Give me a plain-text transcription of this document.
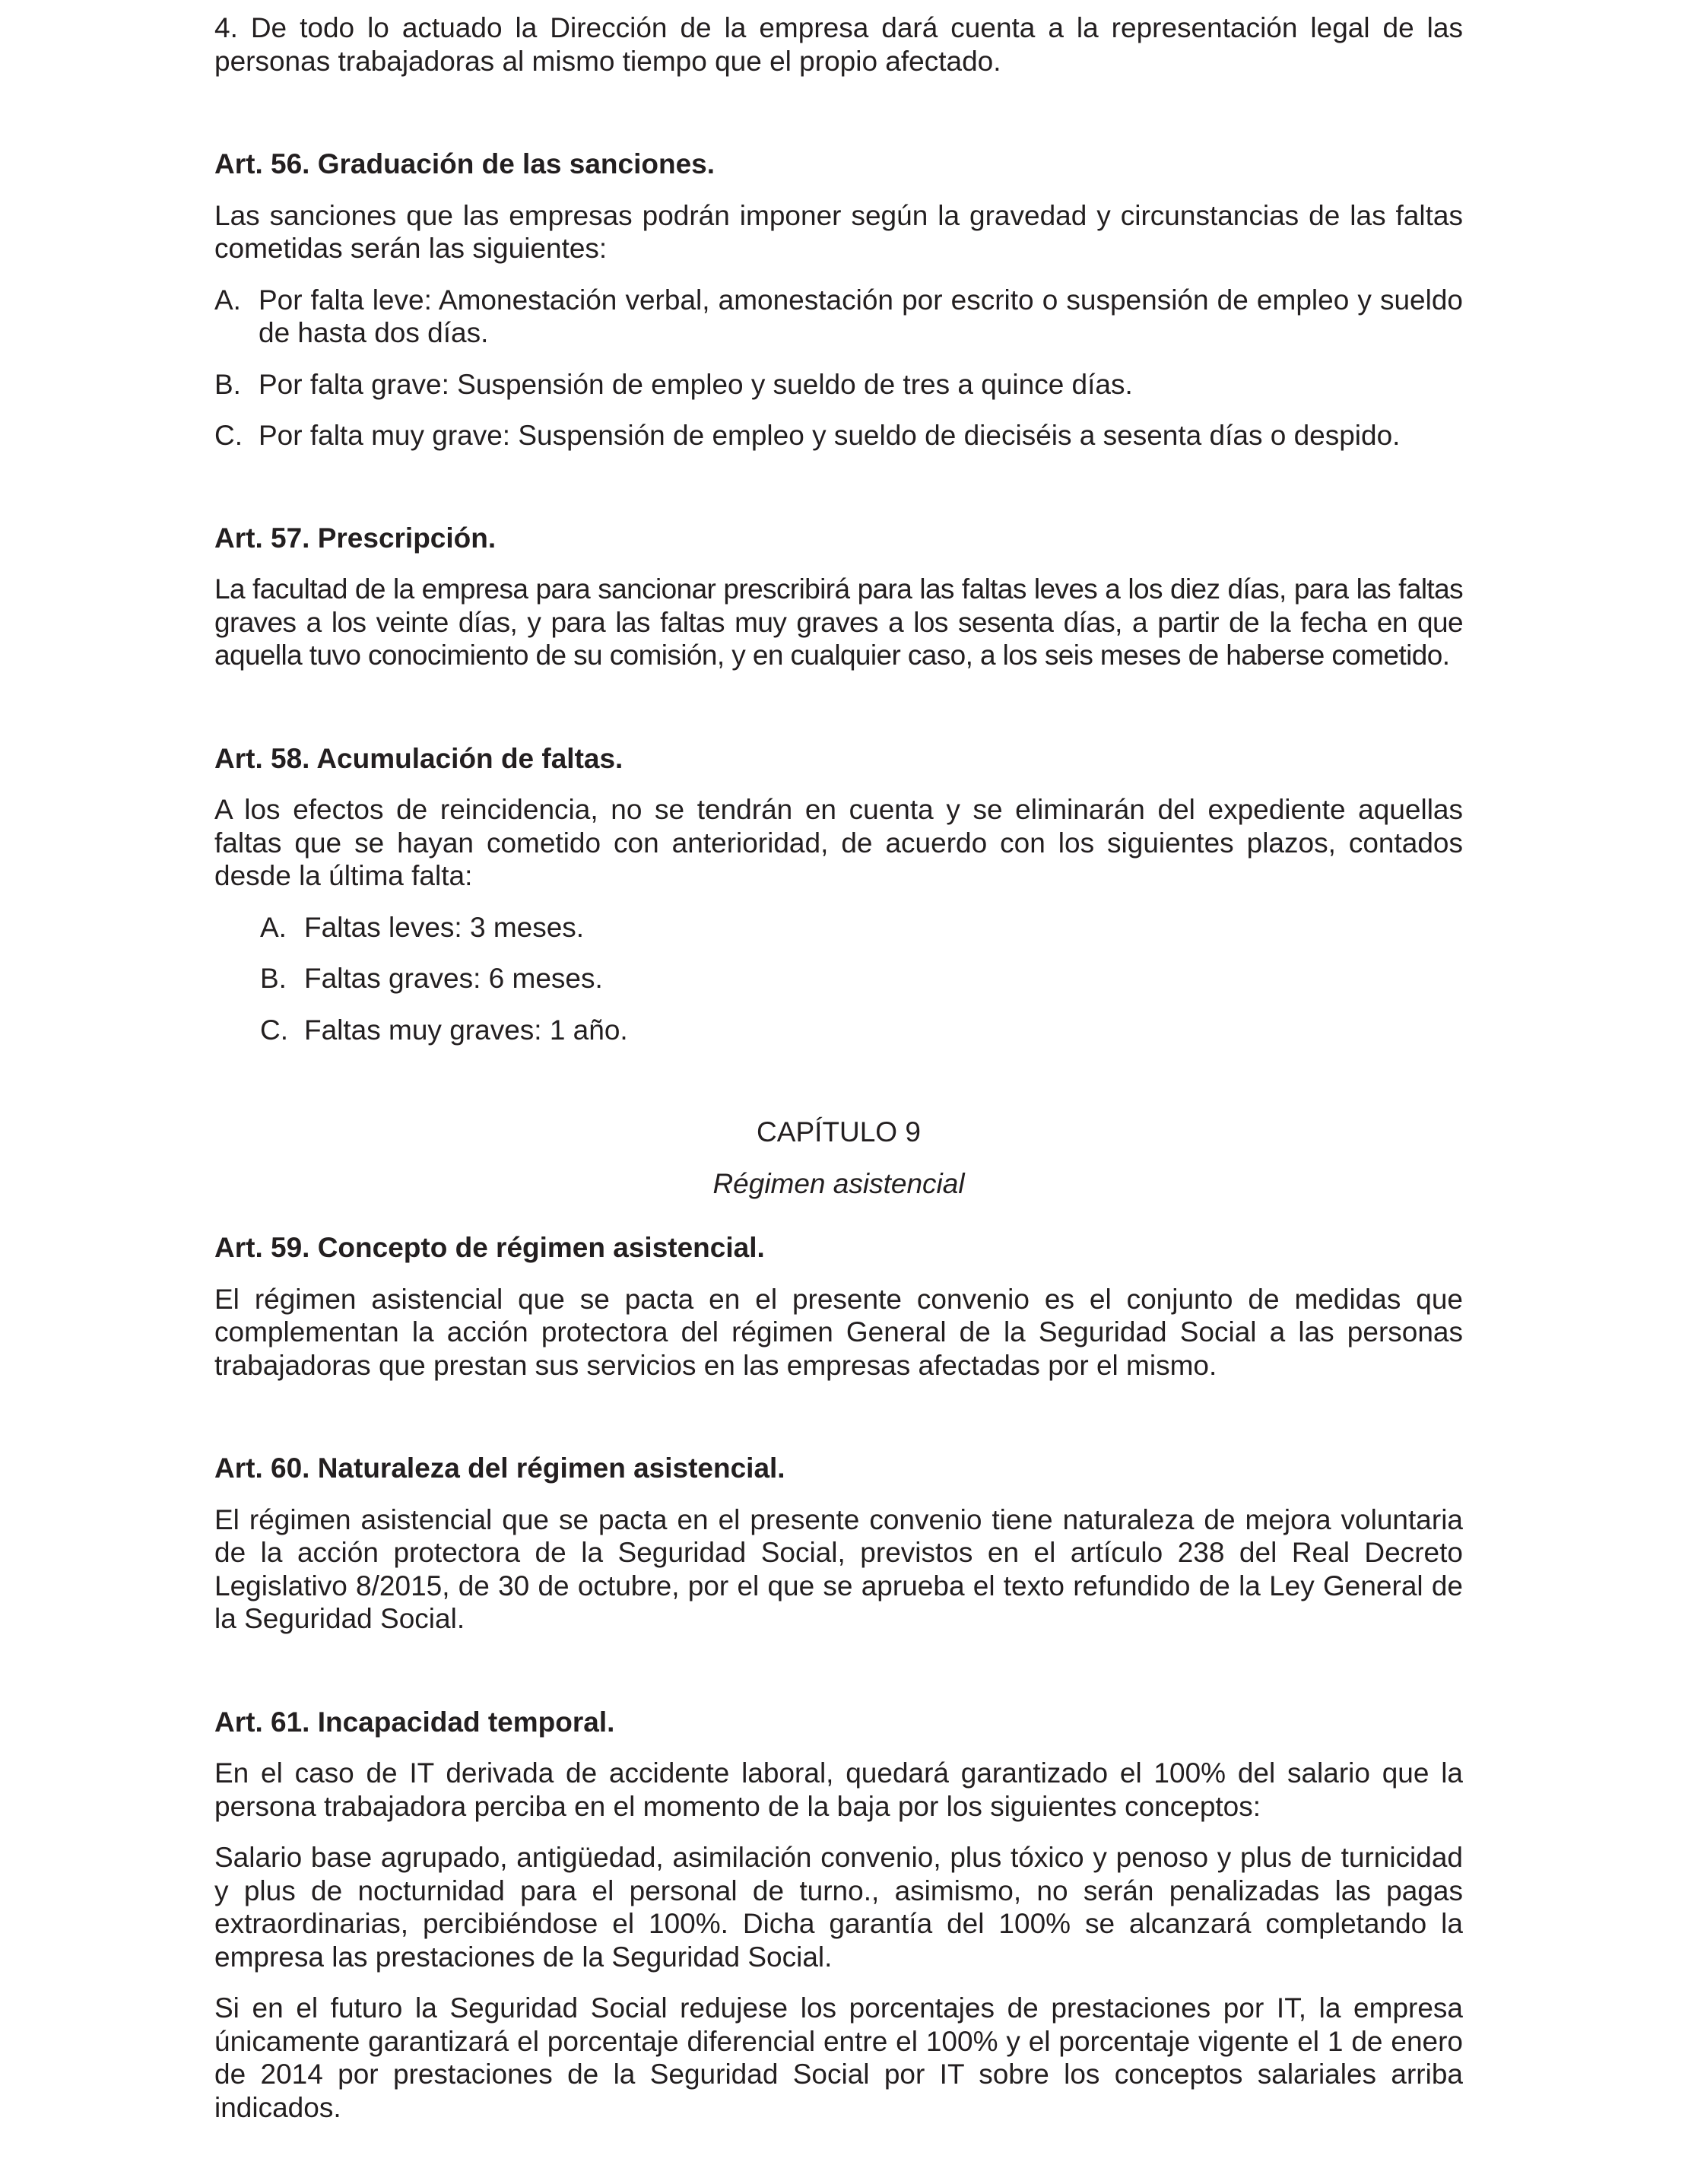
4. De todo lo actuado la Dirección de la empresa dará cuenta a la representación legal de las personas trabajadoras al mismo tiempo que el propio afectado.

Art. 56. Graduación de las sanciones.

Las sanciones que las empresas podrán imponer según la gravedad y circunstancias de las faltas cometidas serán las siguientes:

A. Por falta leve: Amonestación verbal, amonestación por escrito o suspensión de empleo y sueldo de hasta dos días.
B. Por falta grave: Suspensión de empleo y sueldo de tres a quince días.
C. Por falta muy grave: Suspensión de empleo y sueldo de dieciséis a sesenta días o despido.

Art. 57. Prescripción.

La facultad de la empresa para sancionar prescribirá para las faltas leves a los diez días, para las faltas graves a los veinte días, y para las faltas muy graves a los sesenta días, a partir de la fecha en que aquella tuvo conocimiento de su comisión, y en cualquier caso, a los seis meses de haberse cometido.

Art. 58. Acumulación de faltas.

A los efectos de reincidencia, no se tendrán en cuenta y se eliminarán del expediente aquellas faltas que se hayan cometido con anterioridad, de acuerdo con los siguientes plazos, contados desde la última falta:

A. Faltas leves: 3 meses.
B. Faltas graves: 6 meses.
C. Faltas muy graves: 1 año.

CAPÍTULO 9

Régimen asistencial

Art. 59. Concepto de régimen asistencial.

El régimen asistencial que se pacta en el presente convenio es el conjunto de medidas que complementan la acción protectora del régimen General de la Seguridad Social a las personas trabajadoras que prestan sus servicios en las empresas afectadas por el mismo.

Art. 60. Naturaleza del régimen asistencial.

El régimen asistencial que se pacta en el presente convenio tiene naturaleza de mejora voluntaria de la acción protectora de la Seguridad Social, previstos en el artículo 238 del Real Decreto Legislativo 8/2015, de 30 de octubre, por el que se aprueba el texto refundido de la Ley General de la Seguridad Social.

Art. 61. Incapacidad temporal.

En el caso de IT derivada de accidente laboral, quedará garantizado el 100% del salario que la persona trabajadora perciba en el momento de la baja por los siguientes conceptos:

Salario base agrupado, antigüedad, asimilación convenio, plus tóxico y penoso y plus de turnicidad y plus de nocturnidad para el personal de turno., asimismo, no serán penalizadas las pagas extraordinarias, percibiéndose el 100%. Dicha garantía del 100% se alcanzará completando la empresa las prestaciones de la Seguridad Social.

Si en el futuro la Seguridad Social redujese los porcentajes de prestaciones por IT, la empresa únicamente garantizará el porcentaje diferencial entre el 100% y el porcentaje vigente el 1 de enero de 2014 por prestaciones de la Seguridad Social por IT sobre los conceptos salariales arriba indicados.
